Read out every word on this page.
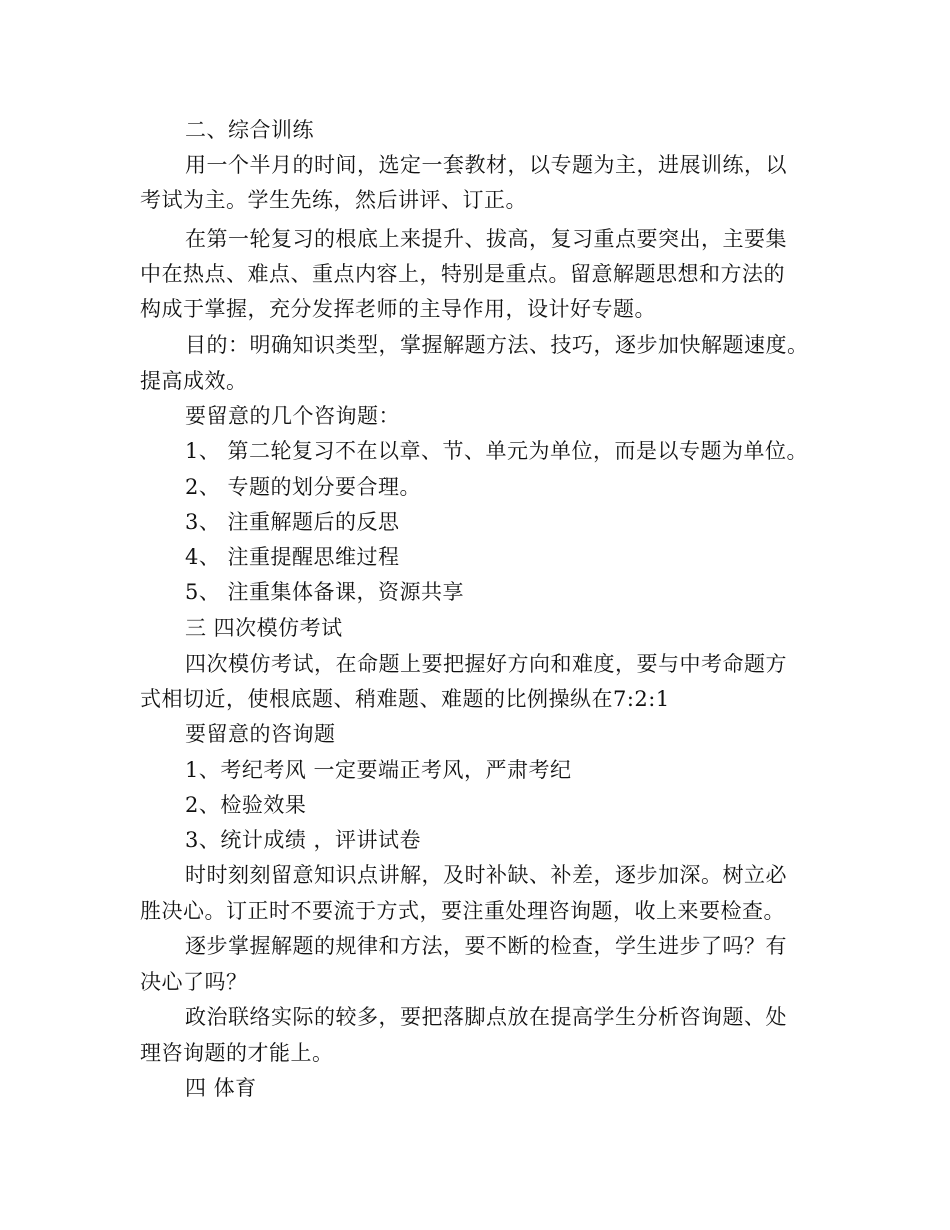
二、综合训练
用一个半月的时间，选定一套教材，以专题为主，进展训练，以
考试为主。学生先练，然后讲评、订正。
在第一轮复习的根底上来提升、拔高，复习重点要突出，主要集
中在热点、难点、重点内容上，特别是重点。留意解题思想和方法的
构成于掌握，充分发挥老师的主导作用，设计好专题。
目的：明确知识类型，掌握解题方法、技巧，逐步加快解题速度。
提高成效。
要留意的几个咨询题：
1、 第二轮复习不在以章、节、单元为单位，而是以专题为单位。
2、 专题的划分要合理。
3、 注重解题后的反思
4、 注重提醒思维过程
5、 注重集体备课，资源共享
三 四次模仿考试
四次模仿考试，在命题上要把握好方向和难度，要与中考命题方
式相切近，使根底题、稍难题、难题的比例操纵在7:2:1
要留意的咨询题
1、考纪考风 一定要端正考风，严肃考纪
2、检验效果
3、统计成绩 ，评讲试卷
时时刻刻留意知识点讲解，及时补缺、补差，逐步加深。树立必
胜决心。订正时不要流于方式，要注重处理咨询题，收上来要检查。
逐步掌握解题的规律和方法，要不断的检查，学生进步了吗？有
决心了吗？
政治联络实际的较多，要把落脚点放在提高学生分析咨询题、处
理咨询题的才能上。
四 体育
